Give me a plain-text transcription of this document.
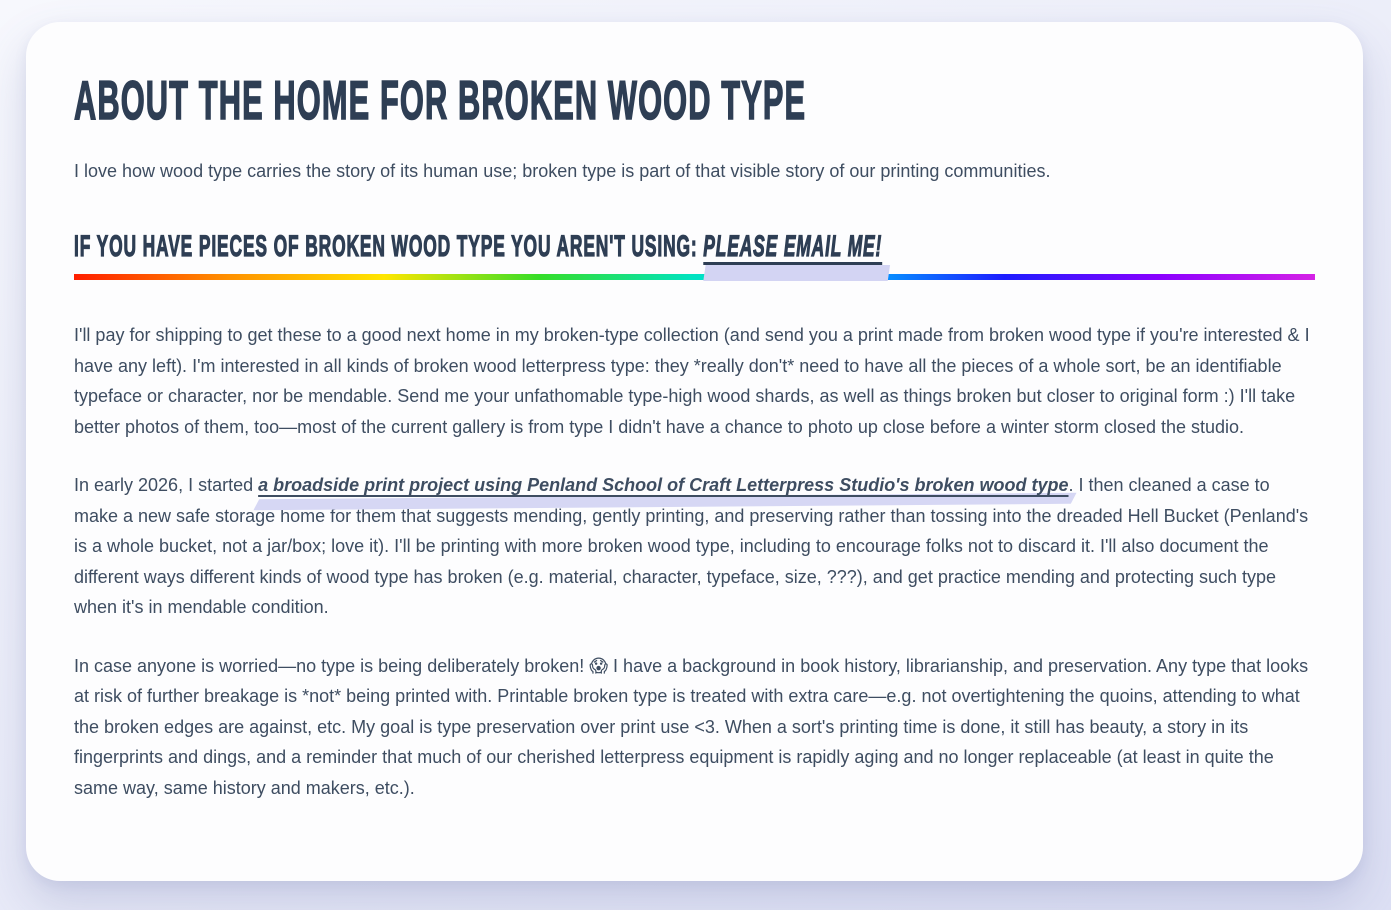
ABOUT THE HOME FOR BROKEN WOOD TYPE

I love how wood type carries the story of its human use; broken type is part of that visible story of our printing communities.

IF YOU HAVE PIECES OF BROKEN WOOD TYPE YOU AREN'T USING: PLEASE EMAIL ME!

I'll pay for shipping to get these to a good next home in my broken-type collection (and send you a print made from broken wood type if you're interested & I have any left). I'm interested in all kinds of broken wood letterpress type: they *really don't* need to have all the pieces of a whole sort, be an identifiable typeface or character, nor be mendable. Send me your unfathomable type-high wood shards, as well as things broken but closer to original form :) I'll take better photos of them, too—most of the current gallery is from type I didn't have a chance to photo up close before a winter storm closed the studio.

In early 2026, I started a broadside print project using Penland School of Craft Letterpress Studio's broken wood type. I then cleaned a case to make a new safe storage home for them that suggests mending, gently printing, and preserving rather than tossing into the dreaded Hell Bucket (Penland's is a whole bucket, not a jar/box; love it). I'll be printing with more broken wood type, including to encourage folks not to discard it. I'll also document the different ways different kinds of wood type has broken (e.g. material, character, typeface, size, ???), and get practice mending and protecting such type when it's in mendable condition.

In case anyone is worried—no type is being deliberately broken! 😱 I have a background in book history, librarianship, and preservation. Any type that looks at risk of further breakage is *not* being printed with. Printable broken type is treated with extra care—e.g. not overtightening the quoins, attending to what the broken edges are against, etc. My goal is type preservation over print use <3. When a sort's printing time is done, it still has beauty, a story in its fingerprints and dings, and a reminder that much of our cherished letterpress equipment is rapidly aging and no longer replaceable (at least in quite the same way, same history and makers, etc.).
